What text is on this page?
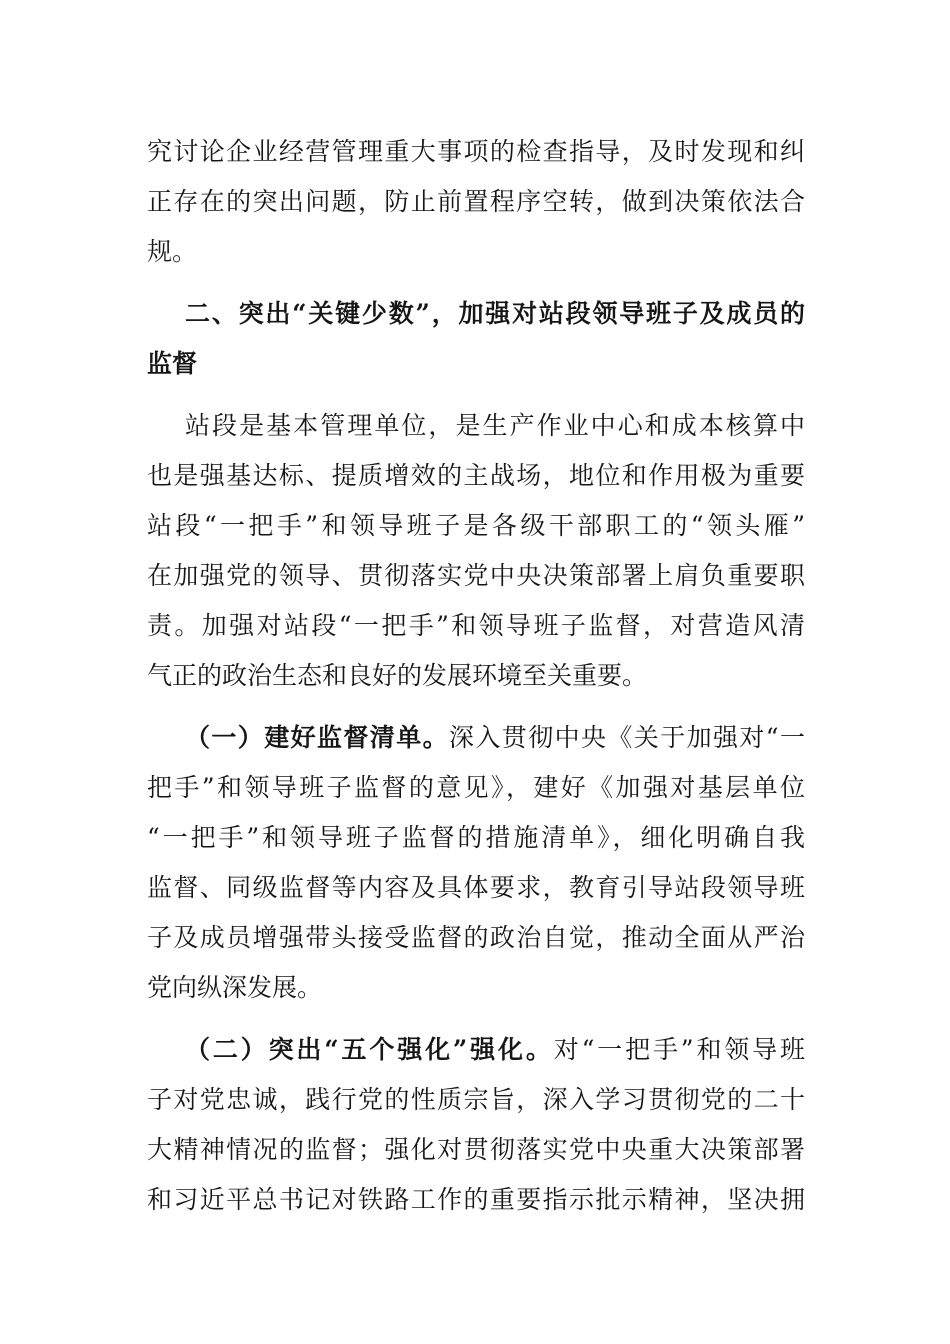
究讨论企业经营管理重大事项的检查指导，及时发现和纠
正存在的突出问题，防止前置程序空转，做到决策依法合
规。
二、突出“关键少数”，加强对站段领导班子及成员的
监督
站段是基本管理单位，是生产作业中心和成本核算中
也是强基达标、提质增效的主战场，地位和作用极为重要
站段“一把手”和领导班子是各级干部职工的“领头雁”
在加强党的领导、贯彻落实党中央决策部署上肩负重要职
责。加强对站段“一把手”和领导班子监督，对营造风清
气正的政治生态和良好的发展环境至关重要。
（一）建好监督清单。深入贯彻中央《关于加强对“一
把手”和领导班子监督的意见》，建好《加强对基层单位
“一把手”和领导班子监督的措施清单》，细化明确自我
监督、同级监督等内容及具体要求，教育引导站段领导班
子及成员增强带头接受监督的政治自觉，推动全面从严治
党向纵深发展。
（二）突出“五个强化”强化。对“一把手”和领导班
子对党忠诚，践行党的性质宗旨，深入学习贯彻党的二十
大精神情况的监督；强化对贯彻落实党中央重大决策部署
和习近平总书记对铁路工作的重要指示批示精神，坚决拥
